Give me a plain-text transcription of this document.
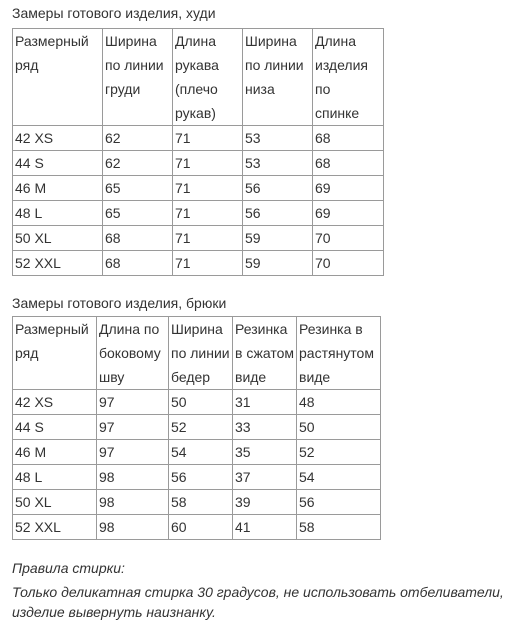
Замеры готового изделия, худи
Размерный
ряд	Ширина
по линии
груди	Длина
рукава
(плечо
рукав)	Ширина
по линии
низа	Длина
изделия
по
спинке
42 XS	62	71	53	68
44 S	62	71	53	68
46 M	65	71	56	69
48 L	65	71	56	69
50 XL	68	71	59	70
52 XXL	68	71	59	70
Замеры готового изделия, брюки
Размерный
ряд	Длина по
боковому
шву	Ширина
по линии
бедер	Резинка
в сжатом
виде	Резинка в
растянутом
виде
42 XS	97	50	31	48
44 S	97	52	33	50
46 M	97	54	35	52
48 L	98	56	37	54
50 XL	98	58	39	56
52 XXL	98	60	41	58
Правила стирки:
Только деликатная стирка 30 градусов, не использовать отбеливатели,
изделие вывернуть наизнанку.
